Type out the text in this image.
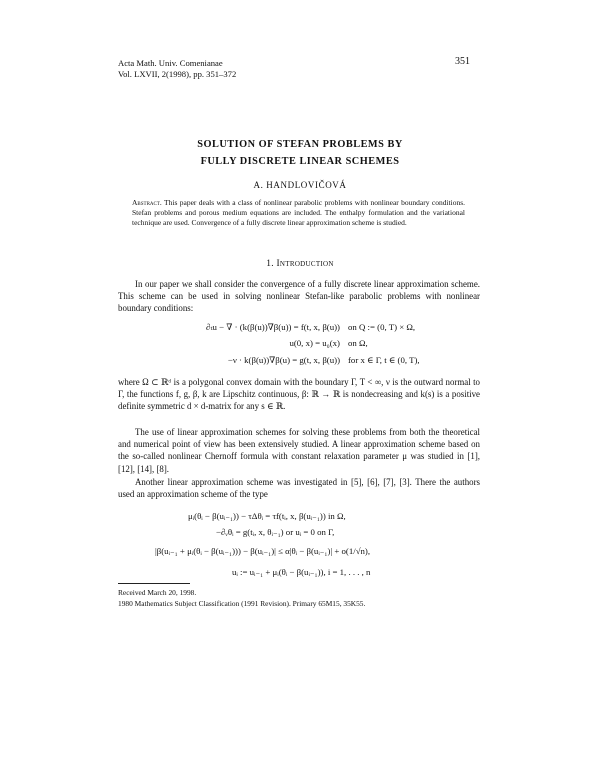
Acta Math. Univ. Comenianae
Vol. LXVII, 2(1998), pp. 351–372
351
SOLUTION OF STEFAN PROBLEMS BY
FULLY DISCRETE LINEAR SCHEMES
A. HANDLOVIČOVÁ
Abstract. This paper deals with a class of nonlinear parabolic problems with nonlinear boundary conditions. Stefan problems and porous medium equations are included. The enthalpy formulation and the variational technique are used. Convergence of a fully discrete linear approximation scheme is studied.
1. Introduction
In our paper we shall consider the convergence of a fully discrete linear approximation scheme. This scheme can be used in solving nonlinear Stefan-like parabolic problems with nonlinear boundary conditions:
∂ₜu − ∇ · (k(β(u))∇β(u)) = f(t, x, β(u)) on Q := (0, T) × Ω,
u(0, x) = u₀(x) on Ω,
−ν · k(β(u))∇β(u) = g(t, x, β(u)) for x ∈ Γ, t ∈ (0, T),
where Ω ⊂ ℝᵈ is a polygonal convex domain with the boundary Γ, T < ∞, ν is the outward normal to Γ, the functions f, g, β, k are Lipschitz continuous, β: ℝ → ℝ is nondecreasing and k(s) is a positive definite symmetric d × d-matrix for any s ∈ ℝ.
The use of linear approximation schemes for solving these problems from both the theoretical and numerical point of view has been extensively studied. A linear approximation scheme based on the so-called nonlinear Chernoff formula with constant relaxation parameter μ was studied in [1], [12], [14], [8].
Another linear approximation scheme was investigated in [5], [6], [7], [3]. There the authors used an approximation scheme of the type
μᵢ(θᵢ − β(uᵢ₋₁)) − τΔθᵢ = τf(tᵢ, x, β(uᵢ₋₁)) in Ω,
−∂ᵥθᵢ = g(tᵢ, x, θᵢ₋₁) or uᵢ = 0 on Γ,
|β(uᵢ₋₁ + μᵢ(θᵢ − β(uᵢ₋₁))) − β(uᵢ₋₁)| ≤ α|θᵢ − β(uᵢ₋₁)| + o(1/√n),
uᵢ := uᵢ₋₁ + μᵢ(θᵢ − β(uᵢ₋₁)), i = 1, . . . , n
Received March 20, 1998.
1980 Mathematics Subject Classification (1991 Revision). Primary 65M15, 35K55.
